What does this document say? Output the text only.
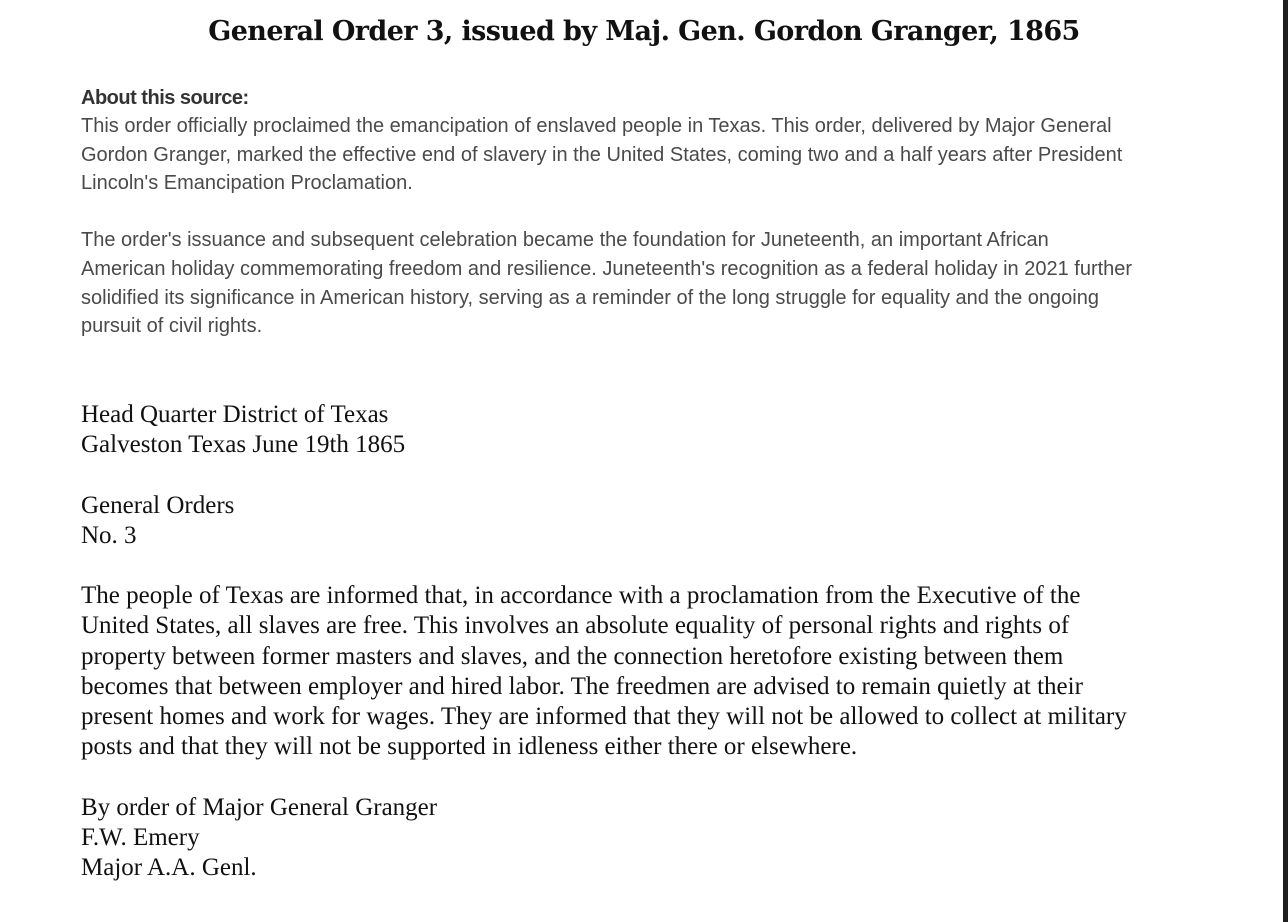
General Order 3, issued by Maj. Gen. Gordon Granger, 1865
About this source:
This order officially proclaimed the emancipation of enslaved people in Texas. This order, delivered by Major General
Gordon Granger, marked the effective end of slavery in the United States, coming two and a half years after President
Lincoln's Emancipation Proclamation.
The order's issuance and subsequent celebration became the foundation for Juneteenth, an important African
American holiday commemorating freedom and resilience. Juneteenth's recognition as a federal holiday in 2021 further
solidified its significance in American history, serving as a reminder of the long struggle for equality and the ongoing
pursuit of civil rights.
Head Quarter District of Texas
Galveston Texas June 19th 1865
General Orders
No. 3
The people of Texas are informed that, in accordance with a proclamation from the Executive of the
United States, all slaves are free. This involves an absolute equality of personal rights and rights of
property between former masters and slaves, and the connection heretofore existing between them
becomes that between employer and hired labor. The freedmen are advised to remain quietly at their
present homes and work for wages. They are informed that they will not be allowed to collect at military
posts and that they will not be supported in idleness either there or elsewhere.
By order of Major General Granger
F.W. Emery
Major A.A. Genl.
